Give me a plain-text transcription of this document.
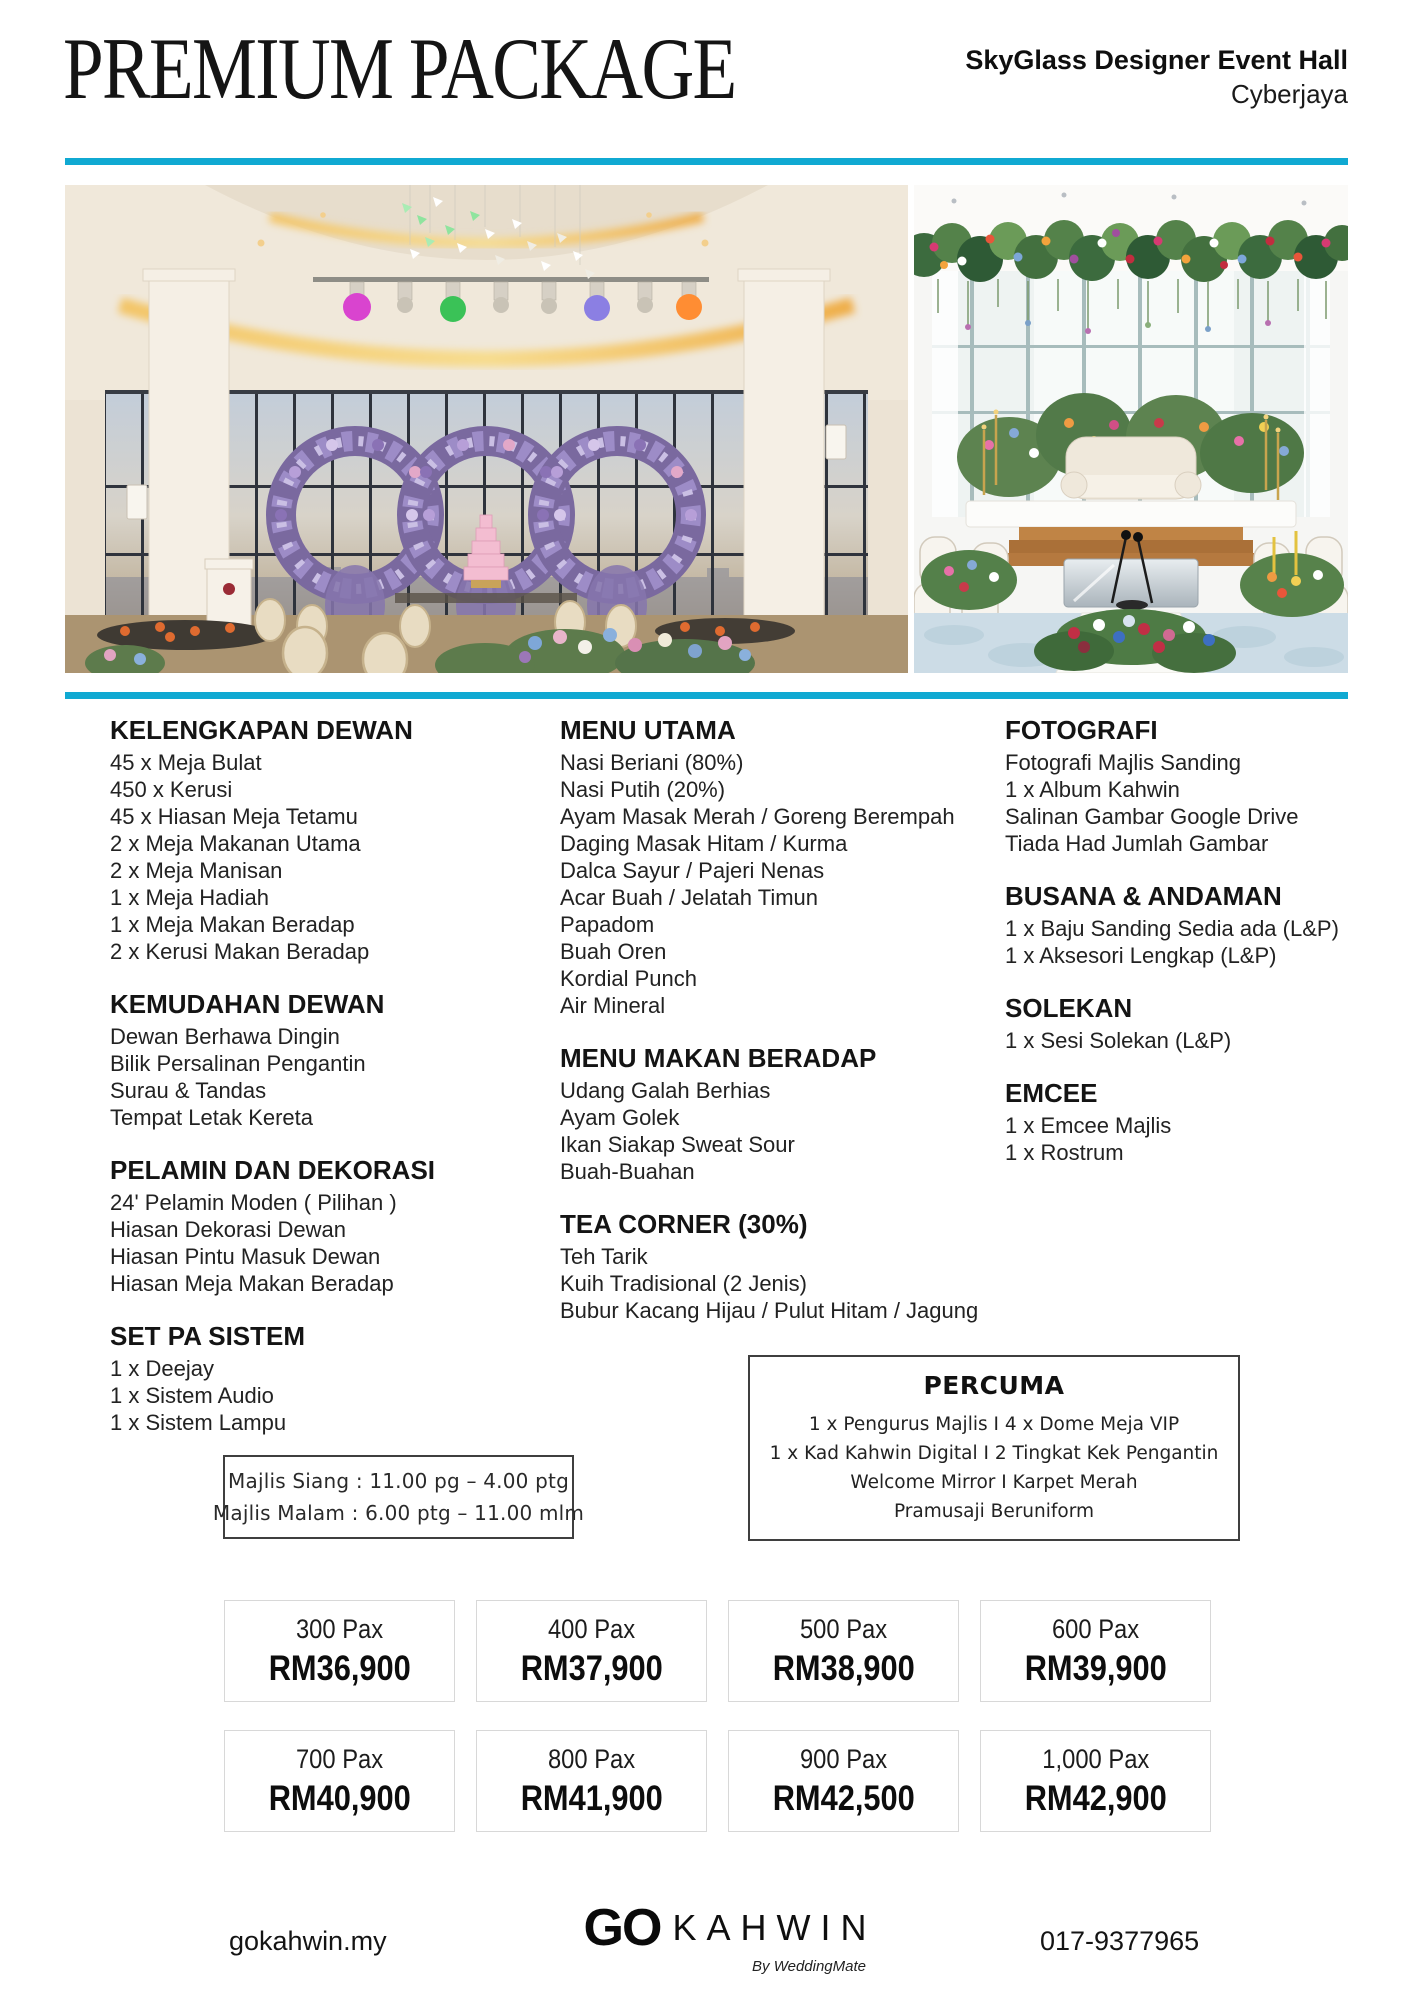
PREMIUM PACKAGE	SkyGlass Designer Event Hall
Cyberjaya
KELENGKAPAN DEWAN
45 x Meja Bulat
450 x Kerusi
45 x Hiasan Meja Tetamu
2 x Meja Makanan Utama
2 x Meja Manisan
1 x Meja Hadiah
1 x Meja Makan Beradap
2 x Kerusi Makan Beradap
KEMUDAHAN DEWAN
Dewan Berhawa Dingin
Bilik Persalinan Pengantin
Surau & Tandas
Tempat Letak Kereta
PELAMIN DAN DEKORASI
24' Pelamin Moden ( Pilihan )
Hiasan Dekorasi Dewan
Hiasan Pintu Masuk Dewan
Hiasan Meja Makan Beradap
SET PA SISTEM
1 x Deejay
1 x Sistem Audio
1 x Sistem Lampu
MENU UTAMA
Nasi Beriani (80%)
Nasi Putih (20%)
Ayam Masak Merah / Goreng Berempah
Daging Masak Hitam / Kurma
Dalca Sayur / Pajeri Nenas
Acar Buah / Jelatah Timun
Papadom
Buah Oren
Kordial Punch
Air Mineral
MENU MAKAN BERADAP
Udang Galah Berhias
Ayam Golek
Ikan Siakap Sweat Sour
Buah-Buahan
TEA CORNER (30%)
Teh Tarik
Kuih Tradisional (2 Jenis)
Bubur Kacang Hijau / Pulut Hitam / Jagung
FOTOGRAFI
Fotografi Majlis Sanding
1 x Album Kahwin
Salinan Gambar Google Drive
Tiada Had Jumlah Gambar
BUSANA & ANDAMAN
1 x Baju Sanding Sedia ada (L&P)
1 x Aksesori Lengkap (L&P)
SOLEKAN
1 x Sesi Solekan (L&P)
EMCEE
1 x Emcee Majlis
1 x Rostrum
Majlis Siang : 11.00 pg – 4.00 ptg
Majlis Malam : 6.00 ptg – 11.00 mlm
PERCUMA
1 x Pengurus Majlis I 4 x Dome Meja VIP
1 x Kad Kahwin Digital I 2 Tingkat Kek Pengantin
Welcome Mirror I Karpet Merah
Pramusaji Beruniform
300 Pax
RM36,900
400 Pax
RM37,900
500 Pax
RM38,900
600 Pax
RM39,900
700 Pax
RM40,900
800 Pax
RM41,900
900 Pax
RM42,500
1,000 Pax
RM42,900
gokahwin.my	GO KAHWIN
By WeddingMate
017-9377965
